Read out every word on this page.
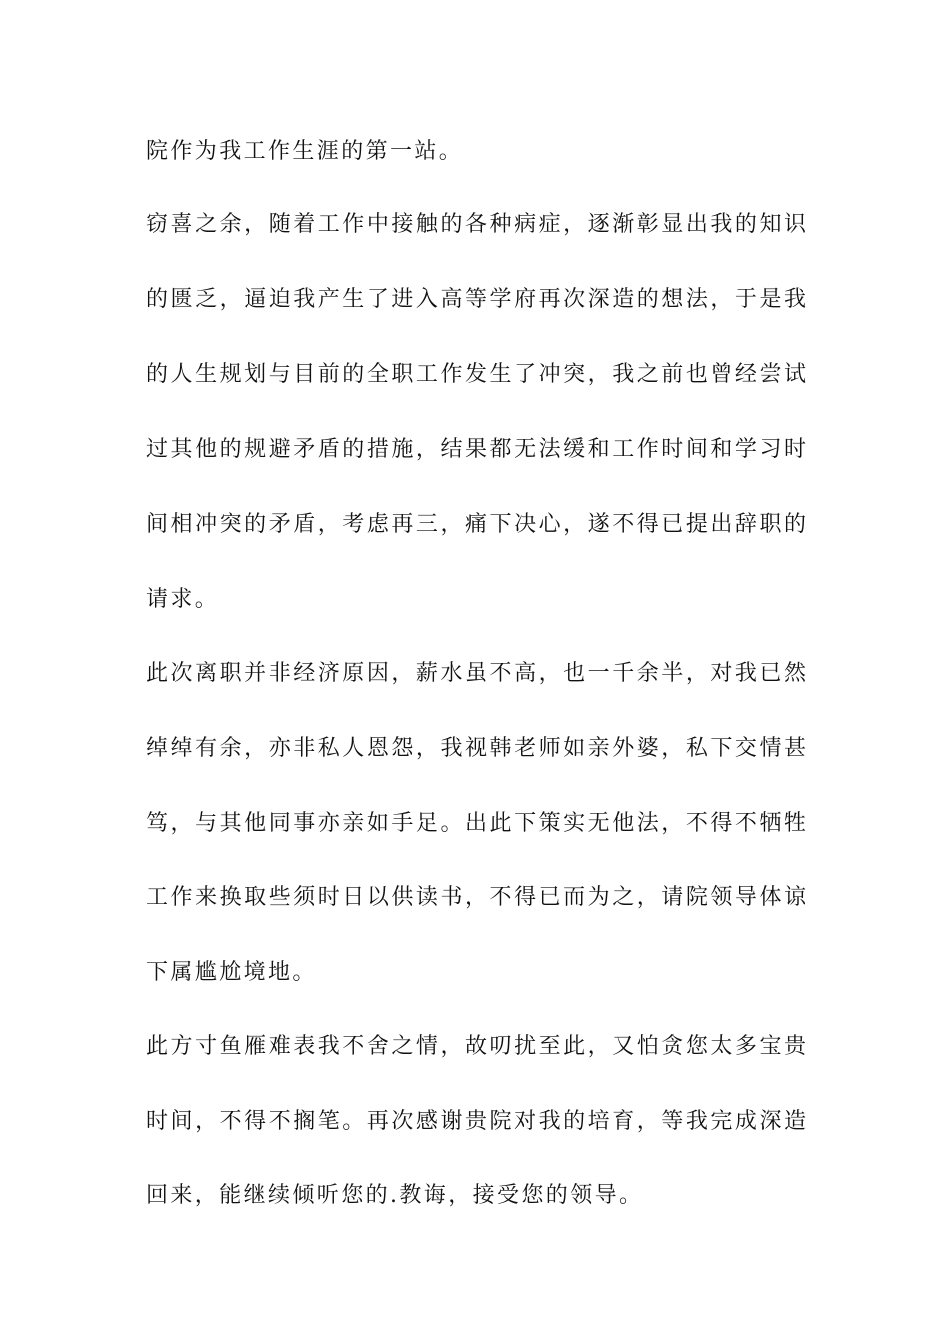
院作为我工作生涯的第一站。
窃喜之余，随着工作中接触的各种病症，逐渐彰显出我的知识
的匮乏，逼迫我产生了进入高等学府再次深造的想法，于是我
的人生规划与目前的全职工作发生了冲突，我之前也曾经尝试
过其他的规避矛盾的措施，结果都无法缓和工作时间和学习时
间相冲突的矛盾，考虑再三，痛下决心，遂不得已提出辞职的
请求。
此次离职并非经济原因，薪水虽不高，也一千余半，对我已然
绰绰有余，亦非私人恩怨，我视韩老师如亲外婆，私下交情甚
笃，与其他同事亦亲如手足。出此下策实无他法，不得不牺牲
工作来换取些须时日以供读书，不得已而为之，请院领导体谅
下属尴尬境地。
此方寸鱼雁难表我不舍之情，故叨扰至此，又怕贪您太多宝贵
时间，不得不搁笔。再次感谢贵院对我的培育，等我完成深造
回来，能继续倾听您的.教诲，接受您的领导。
